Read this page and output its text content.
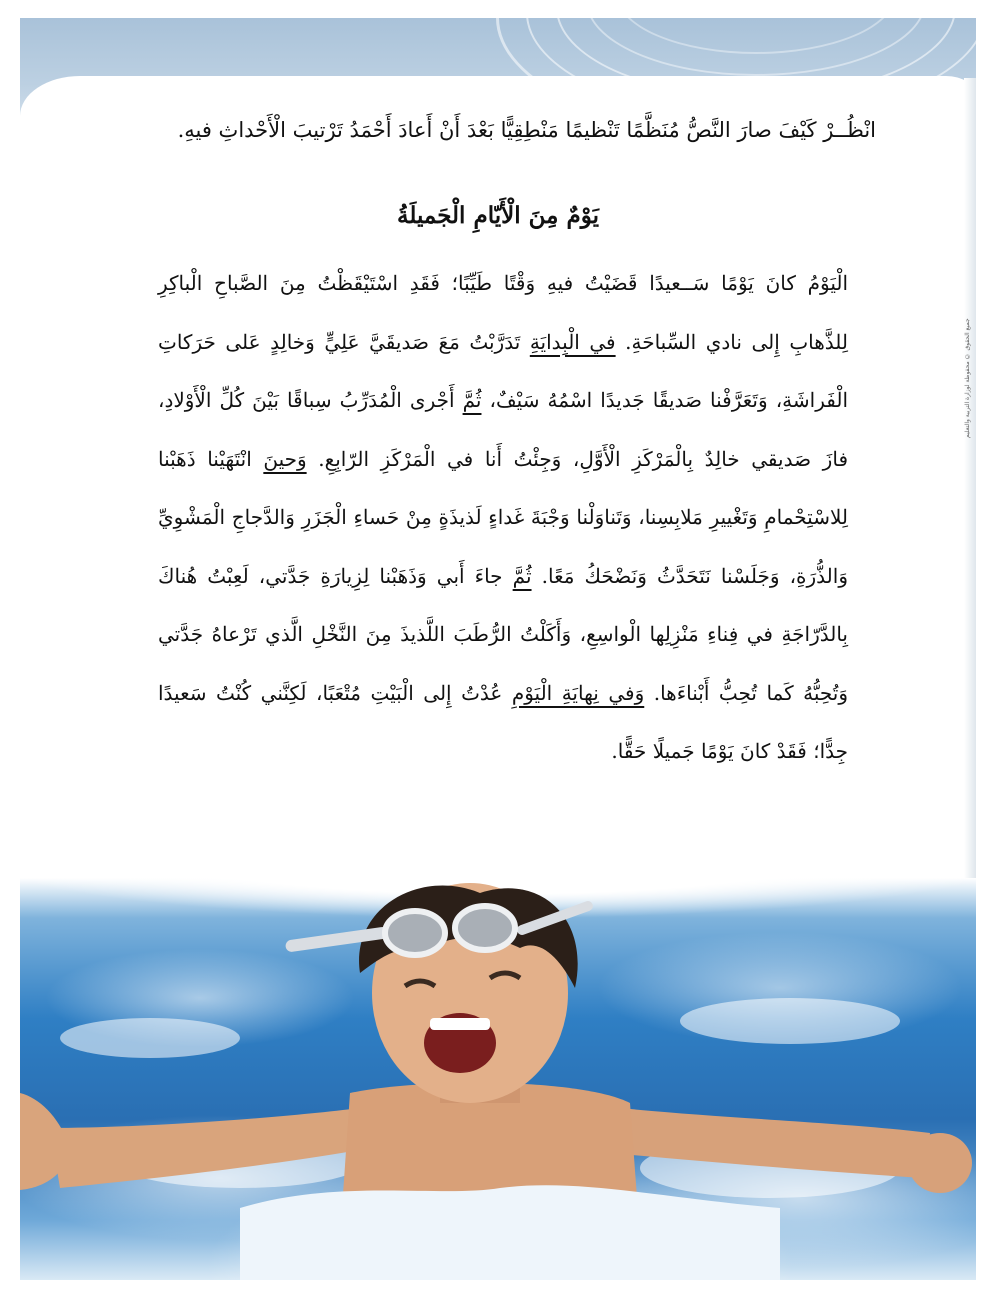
انْظُــرْ كَيْفَ صارَ النَّصُّ مُنَظَّمًا تَنْظيمًا مَنْطِقِيًّا بَعْدَ أَنْ أَعادَ أَحْمَدُ تَرْتيبَ الْأَحْداثِ فيهِ.

يَوْمٌ مِنَ الْأَيّامِ الْجَميلَةُ

الْيَوْمُ كانَ يَوْمًا سَــعيدًا قَضَيْتُ فيهِ وَقْتًا طَيِّبًا؛ فَقَدِ اسْتَيْقَظْتُ مِنَ الصَّباحِ الْباكِرِ لِلذَّهابِ إِلى نادي السِّباحَةِ. في الْبِدايَةِ تَدَرَّبْتُ مَعَ صَديقَيَّ عَلِيٍّ وَخالِدٍ عَلى حَرَكاتِ الْفَراشَةِ، وَتَعَرَّفْنا صَديقًا جَديدًا اسْمُهُ سَيْفٌ، ثُمَّ أَجْرى الْمُدَرِّبُ سِباقًا بَيْنَ كُلِّ الْأَوْلادِ، فازَ صَديقي خالِدٌ بِالْمَرْكَزِ الْأَوَّلِ، وَجِئْتُ أَنا في الْمَرْكَزِ الرّابِعِ. وَحينَ انْتَهَيْنا ذَهَبْنا لِلاسْتِحْمامِ وَتَغْييرِ مَلابِسِنا، وَتَناوَلْنا وَجْبَةَ غَداءٍ لَذيذَةٍ مِنْ حَساءِ الْجَزَرِ وَالدَّجاجِ الْمَشْوِيِّ وَالذُّرَةِ، وَجَلَسْنا نَتَحَدَّثُ وَنَضْحَكُ مَعًا. ثُمَّ جاءَ أَبي وَذَهَبْنا لِزِيارَةِ جَدَّتي، لَعِبْتُ هُناكَ بِالدَّرّاجَةِ في فِناءِ مَنْزِلِها الْواسِعِ، وَأَكَلْتُ الرُّطَبَ اللَّذيذَ مِنَ النَّخْلِ الَّذي تَرْعاهُ جَدَّتي وَتُحِبُّهُ كَما تُحِبُّ أَبْناءَها. وَفي نِهايَةِ الْيَوْمِ عُدْتُ إِلى الْبَيْتِ مُتْعَبًا، لَكِنَّني كُنْتُ سَعيدًا جِدًّا؛ فَقَدْ كانَ يَوْمًا جَميلًا حَقًّا.

جميع الحقوق © محفوظة لوزارة التربية والتعليم
